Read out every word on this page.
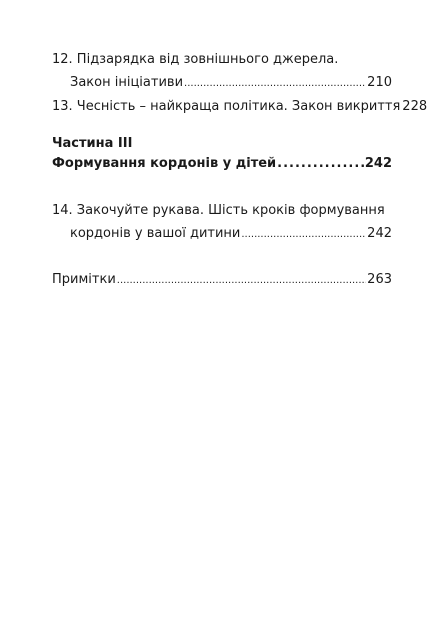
12. Підзарядка від зовнішнього джерела.
Закон ініціативи .....	210
13. Чесність – найкраща політика. Закон викриття 228
Частина III
Формування кордонів у дітей .....	242
14. Закочуйте рукава. Шість кроків формування
кордонів у вашої дитини .....	242
Примітки .....	263
